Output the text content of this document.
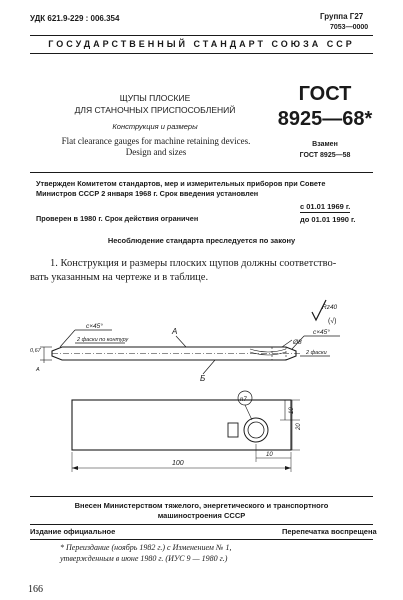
УДК 621.9-229 : 006.354	Группа Г27
7053—0000
ГОСУДАРСТВЕННЫЙ СТАНДАРТ СОЮЗА ССР
ЩУПЫ ПЛОСКИЕ
ДЛЯ СТАНОЧНЫХ ПРИСПОСОБЛЕНИЙ
Конструкция и размеры
Flat clearance gauges for machine retaining devices.
Design and sizes
ГОСТ
8925—68*
Взамен
ГОСТ 8925—58
Утвержден Комитетом стандартов, мер и измерительных приборов при Совете
Министров СССР 2 января 1968 г. Срок введения установлен
с 01.01 1969 г.
Проверен в 1980 г. Срок действия ограничен	до 01.01 1990 г.
Несоблюдение стандарта преследуется по закону
1. Конструкция и размеры плоских щупов должны соответство-
вать указанным на чертеже и в таблице.
Rz40
(√)
c×45°
2 фаски по контуру
c×45°
2 фаски
Ø8
A
Б
0,67
A
n7
10
20
10
100
Внесен Министерством тяжелого, энергетического и транспортного
машиностроения СССР
Издание официальное	Перепечатка воспрещена
* Переиздание (ноябрь 1982 г.) с Изменением № 1,
утвержденным в июне 1980 г. (ИУС 9 — 1980 г.)
166
